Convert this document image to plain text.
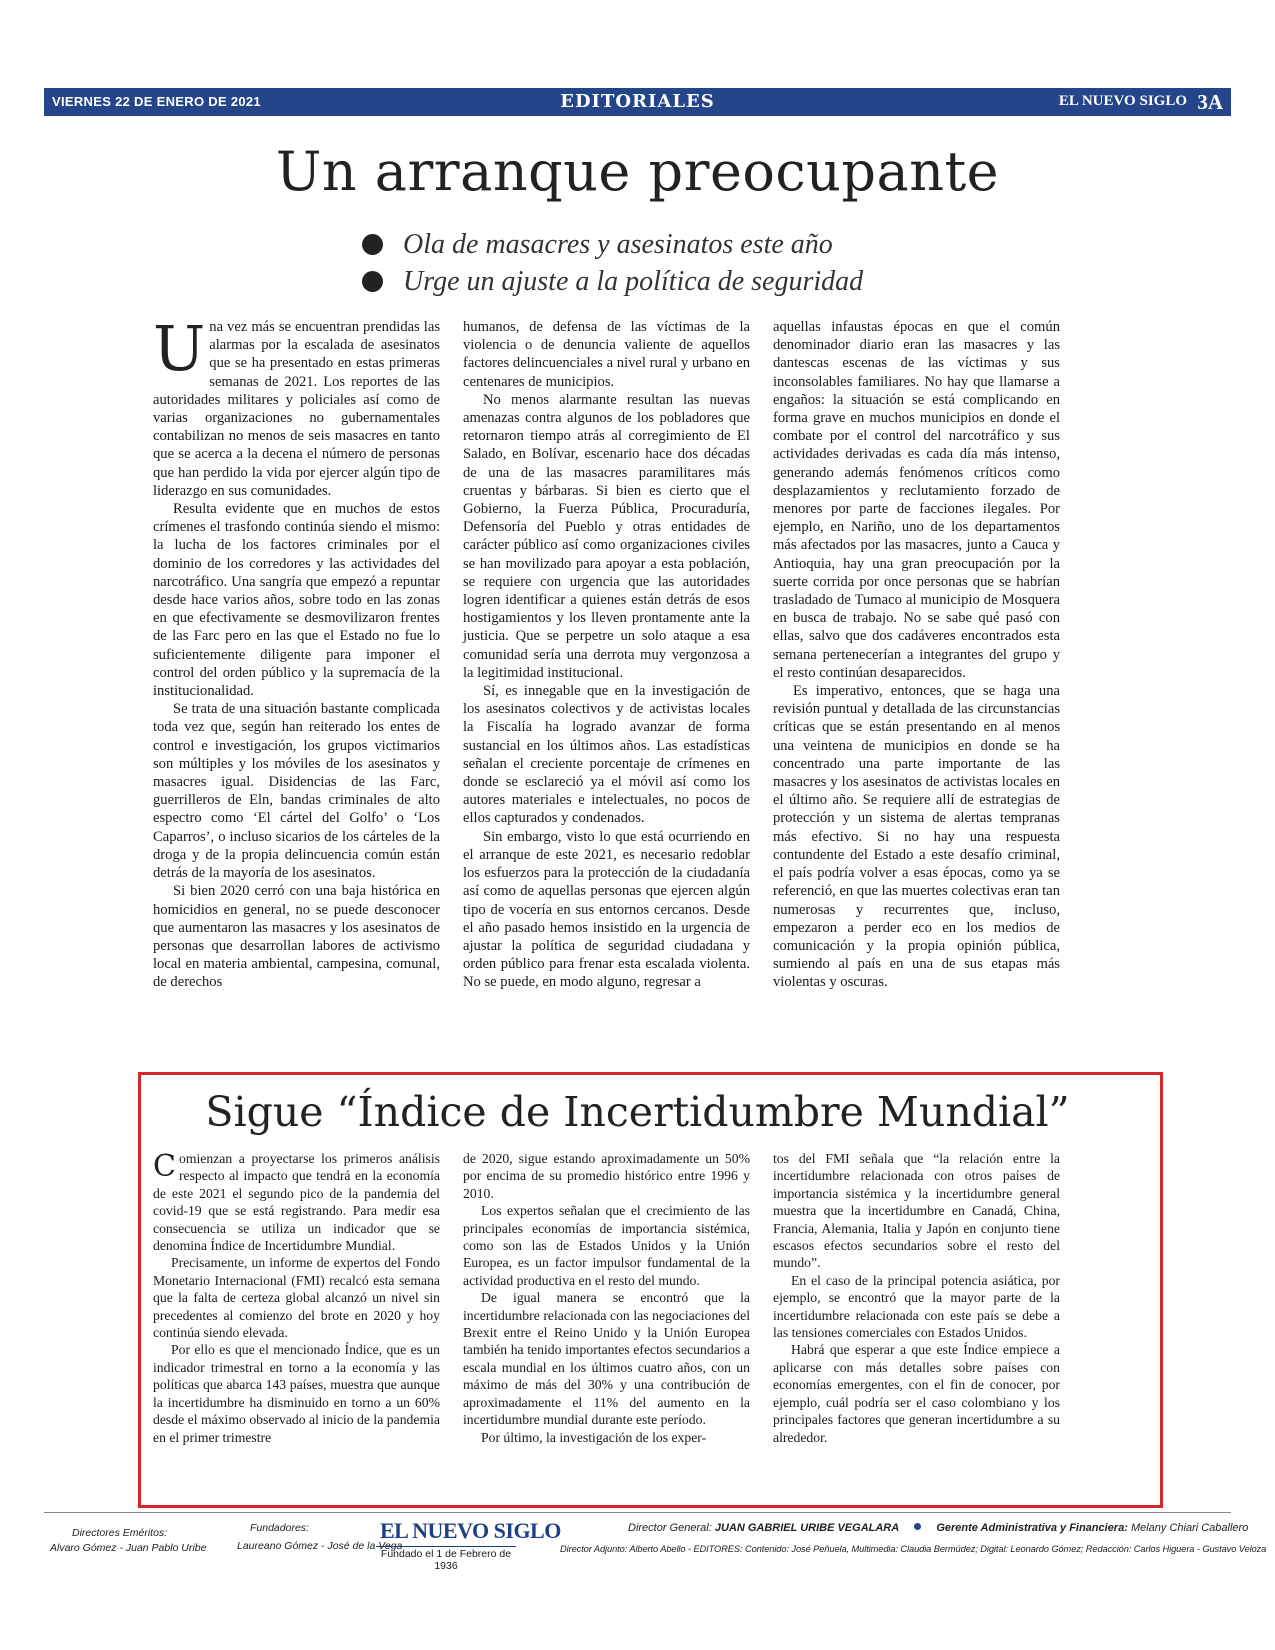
VIERNES 22 DE ENERO DE 2021	EDITORIALES	EL NUEVO SIGLO 3A
Un arranque preocupante
Ola de masacres y asesinatos este año
Urge un ajuste a la política de seguridad

Una vez más se encuentran prendidas las alarmas por la escalada de asesinatos que se ha presentado en estas primeras semanas de 2021. Los reportes de las autoridades militares y policiales así como de varias organizaciones no gubernamentales contabilizan no menos de seis masacres en tanto que se acerca a la decena el número de personas que han perdido la vida por ejercer algún tipo de liderazgo en sus comunidades.

Resulta evidente que en muchos de estos crímenes el trasfondo continúa siendo el mismo: la lucha de los factores criminales por el dominio de los corredores y las actividades del narcotráfico. Una sangría que empezó a repuntar desde hace varios años, sobre todo en las zonas en que efectivamente se desmovilizaron frentes de las Farc pero en las que el Estado no fue lo suficientemente diligente para imponer el control del orden público y la supremacía de la institucionalidad.

Se trata de una situación bastante complicada toda vez que, según han reiterado los entes de control e investigación, los grupos victimarios son múltiples y los móviles de los asesinatos y masacres igual. Disidencias de las Farc, guerrilleros de Eln, bandas criminales de alto espectro como ‘El cártel del Golfo’ o ‘Los Caparros’, o incluso sicarios de los cárteles de la droga y de la propia delincuencia común están detrás de la mayoría de los asesinatos.

Si bien 2020 cerró con una baja histórica en homicidios en general, no se puede desconocer que aumentaron las masacres y los asesinatos de personas que desarrollan labores de activismo local en materia ambiental, campesina, comunal, de derechos

humanos, de defensa de las víctimas de la violencia o de denuncia valiente de aquellos factores delincuenciales a nivel rural y urbano en centenares de municipios.

No menos alarmante resultan las nuevas amenazas contra algunos de los pobladores que retornaron tiempo atrás al corregimiento de El Salado, en Bolívar, escenario hace dos décadas de una de las masacres paramilitares más cruentas y bárbaras. Si bien es cierto que el Gobierno, la Fuerza Pública, Procuraduría, Defensoría del Pueblo y otras entidades de carácter público así como organizaciones civiles se han movilizado para apoyar a esta población, se requiere con urgencia que las autoridades logren identificar a quienes están detrás de esos hostigamientos y los lleven prontamente ante la justicia. Que se perpetre un solo ataque a esa comunidad sería una derrota muy vergonzosa a la legitimidad institucional.

Sí, es innegable que en la investigación de los asesinatos colectivos y de activistas locales la Fiscalía ha logrado avanzar de forma sustancial en los últimos años. Las estadísticas señalan el creciente porcentaje de crímenes en donde se esclareció ya el móvil así como los autores materiales e intelectuales, no pocos de ellos capturados y condenados.

Sin embargo, visto lo que está ocurriendo en el arranque de este 2021, es necesario redoblar los esfuerzos para la protección de la ciudadanía así como de aquellas personas que ejercen algún tipo de vocería en sus entornos cercanos. Desde el año pasado hemos insistido en la urgencia de ajustar la política de seguridad ciudadana y orden público para frenar esta escalada violenta. No se puede, en modo alguno, regresar a

aquellas infaustas épocas en que el común denominador diario eran las masacres y las dantescas escenas de las víctimas y sus inconsolables familiares. No hay que llamarse a engaños: la situación se está complicando en forma grave en muchos municipios en donde el combate por el control del narcotráfico y sus actividades derivadas es cada día más intenso, generando además fenómenos críticos como desplazamientos y reclutamiento forzado de menores por parte de facciones ilegales. Por ejemplo, en Nariño, uno de los departamentos más afectados por las masacres, junto a Cauca y Antioquia, hay una gran preocupación por la suerte corrida por once personas que se habrían trasladado de Tumaco al municipio de Mosquera en busca de trabajo. No se sabe qué pasó con ellas, salvo que dos cadáveres encontrados esta semana pertenecerían a integrantes del grupo y el resto continúan desaparecidos.

Es imperativo, entonces, que se haga una revisión puntual y detallada de las circunstancias críticas que se están presentando en al menos una veintena de municipios en donde se ha concentrado una parte importante de las masacres y los asesinatos de activistas locales en el último año. Se requiere allí de estrategias de protección y un sistema de alertas tempranas más efectivo. Si no hay una respuesta contundente del Estado a este desafío criminal, el país podría volver a esas épocas, como ya se referenció, en que las muertes colectivas eran tan numerosas y recurrentes que, incluso, empezaron a perder eco en los medios de comunicación y la propia opinión pública, sumiendo al país en una de sus etapas más violentas y oscuras.

Sigue “Índice de Incertidumbre Mundial”

Comienzan a proyectarse los primeros análisis respecto al impacto que tendrá en la economía de este 2021 el segundo pico de la pandemia del covid-19 que se está registrando. Para medir esa consecuencia se utiliza un indicador que se denomina Índice de Incertidumbre Mundial.

Precisamente, un informe de expertos del Fondo Monetario Internacional (FMI) recalcó esta semana que la falta de certeza global alcanzó un nivel sin precedentes al comienzo del brote en 2020 y hoy continúa siendo elevada.

Por ello es que el mencionado Índice, que es un indicador trimestral en torno a la economía y las políticas que abarca 143 países, muestra que aunque la incertidumbre ha disminuido en torno a un 60% desde el máximo observado al inicio de la pandemia en el primer trimestre

de 2020, sigue estando aproximadamente un 50% por encima de su promedio histórico entre 1996 y 2010.

Los expertos señalan que el crecimiento de las principales economías de importancia sistémica, como son las de Estados Unidos y la Unión Europea, es un factor impulsor fundamental de la actividad productiva en el resto del mundo.

De igual manera se encontró que la incertidumbre relacionada con las negociaciones del Brexit entre el Reino Unido y la Unión Europea también ha tenido importantes efectos secundarios a escala mundial en los últimos cuatro años, con un máximo de más del 30% y una contribución de aproximadamente el 11% del aumento en la incertidumbre mundial durante este período.

Por último, la investigación de los exper-

tos del FMI señala que “la relación entre la incertidumbre relacionada con otros países de importancia sistémica y la incertidumbre general muestra que la incertidumbre en Canadá, China, Francia, Alemania, Italia y Japón en conjunto tiene escasos efectos secundarios sobre el resto del mundo”.

En el caso de la principal potencia asiática, por ejemplo, se encontró que la mayor parte de la incertidumbre relacionada con este país se debe a las tensiones comerciales con Estados Unidos.

Habrá que esperar a que este Índice empiece a aplicarse con más detalles sobre países con economías emergentes, con el fin de conocer, por ejemplo, cuál podría ser el caso colombiano y los principales factores que generan incertidumbre a su alrededor.

Directores Eméritos:
Alvaro Gómez - Juan Pablo Uribe
Fundadores:
Laureano Gómez - José de la Vega
EL NUEVO SIGLO
Fundado el 1 de Febrero de 1936
Director General: JUAN GABRIEL URIBE VEGALARA	Gerente Administrativa y Financiera: Melany Chiari Caballero
Director Adjunto: Alberto Abello - EDITORES: Contenido: José Peñuela, Multimedia: Claudia Bermúdez; Digital: Leonardo Gómez; Redacción: Carlos Higuera - Gustavo Veloza
